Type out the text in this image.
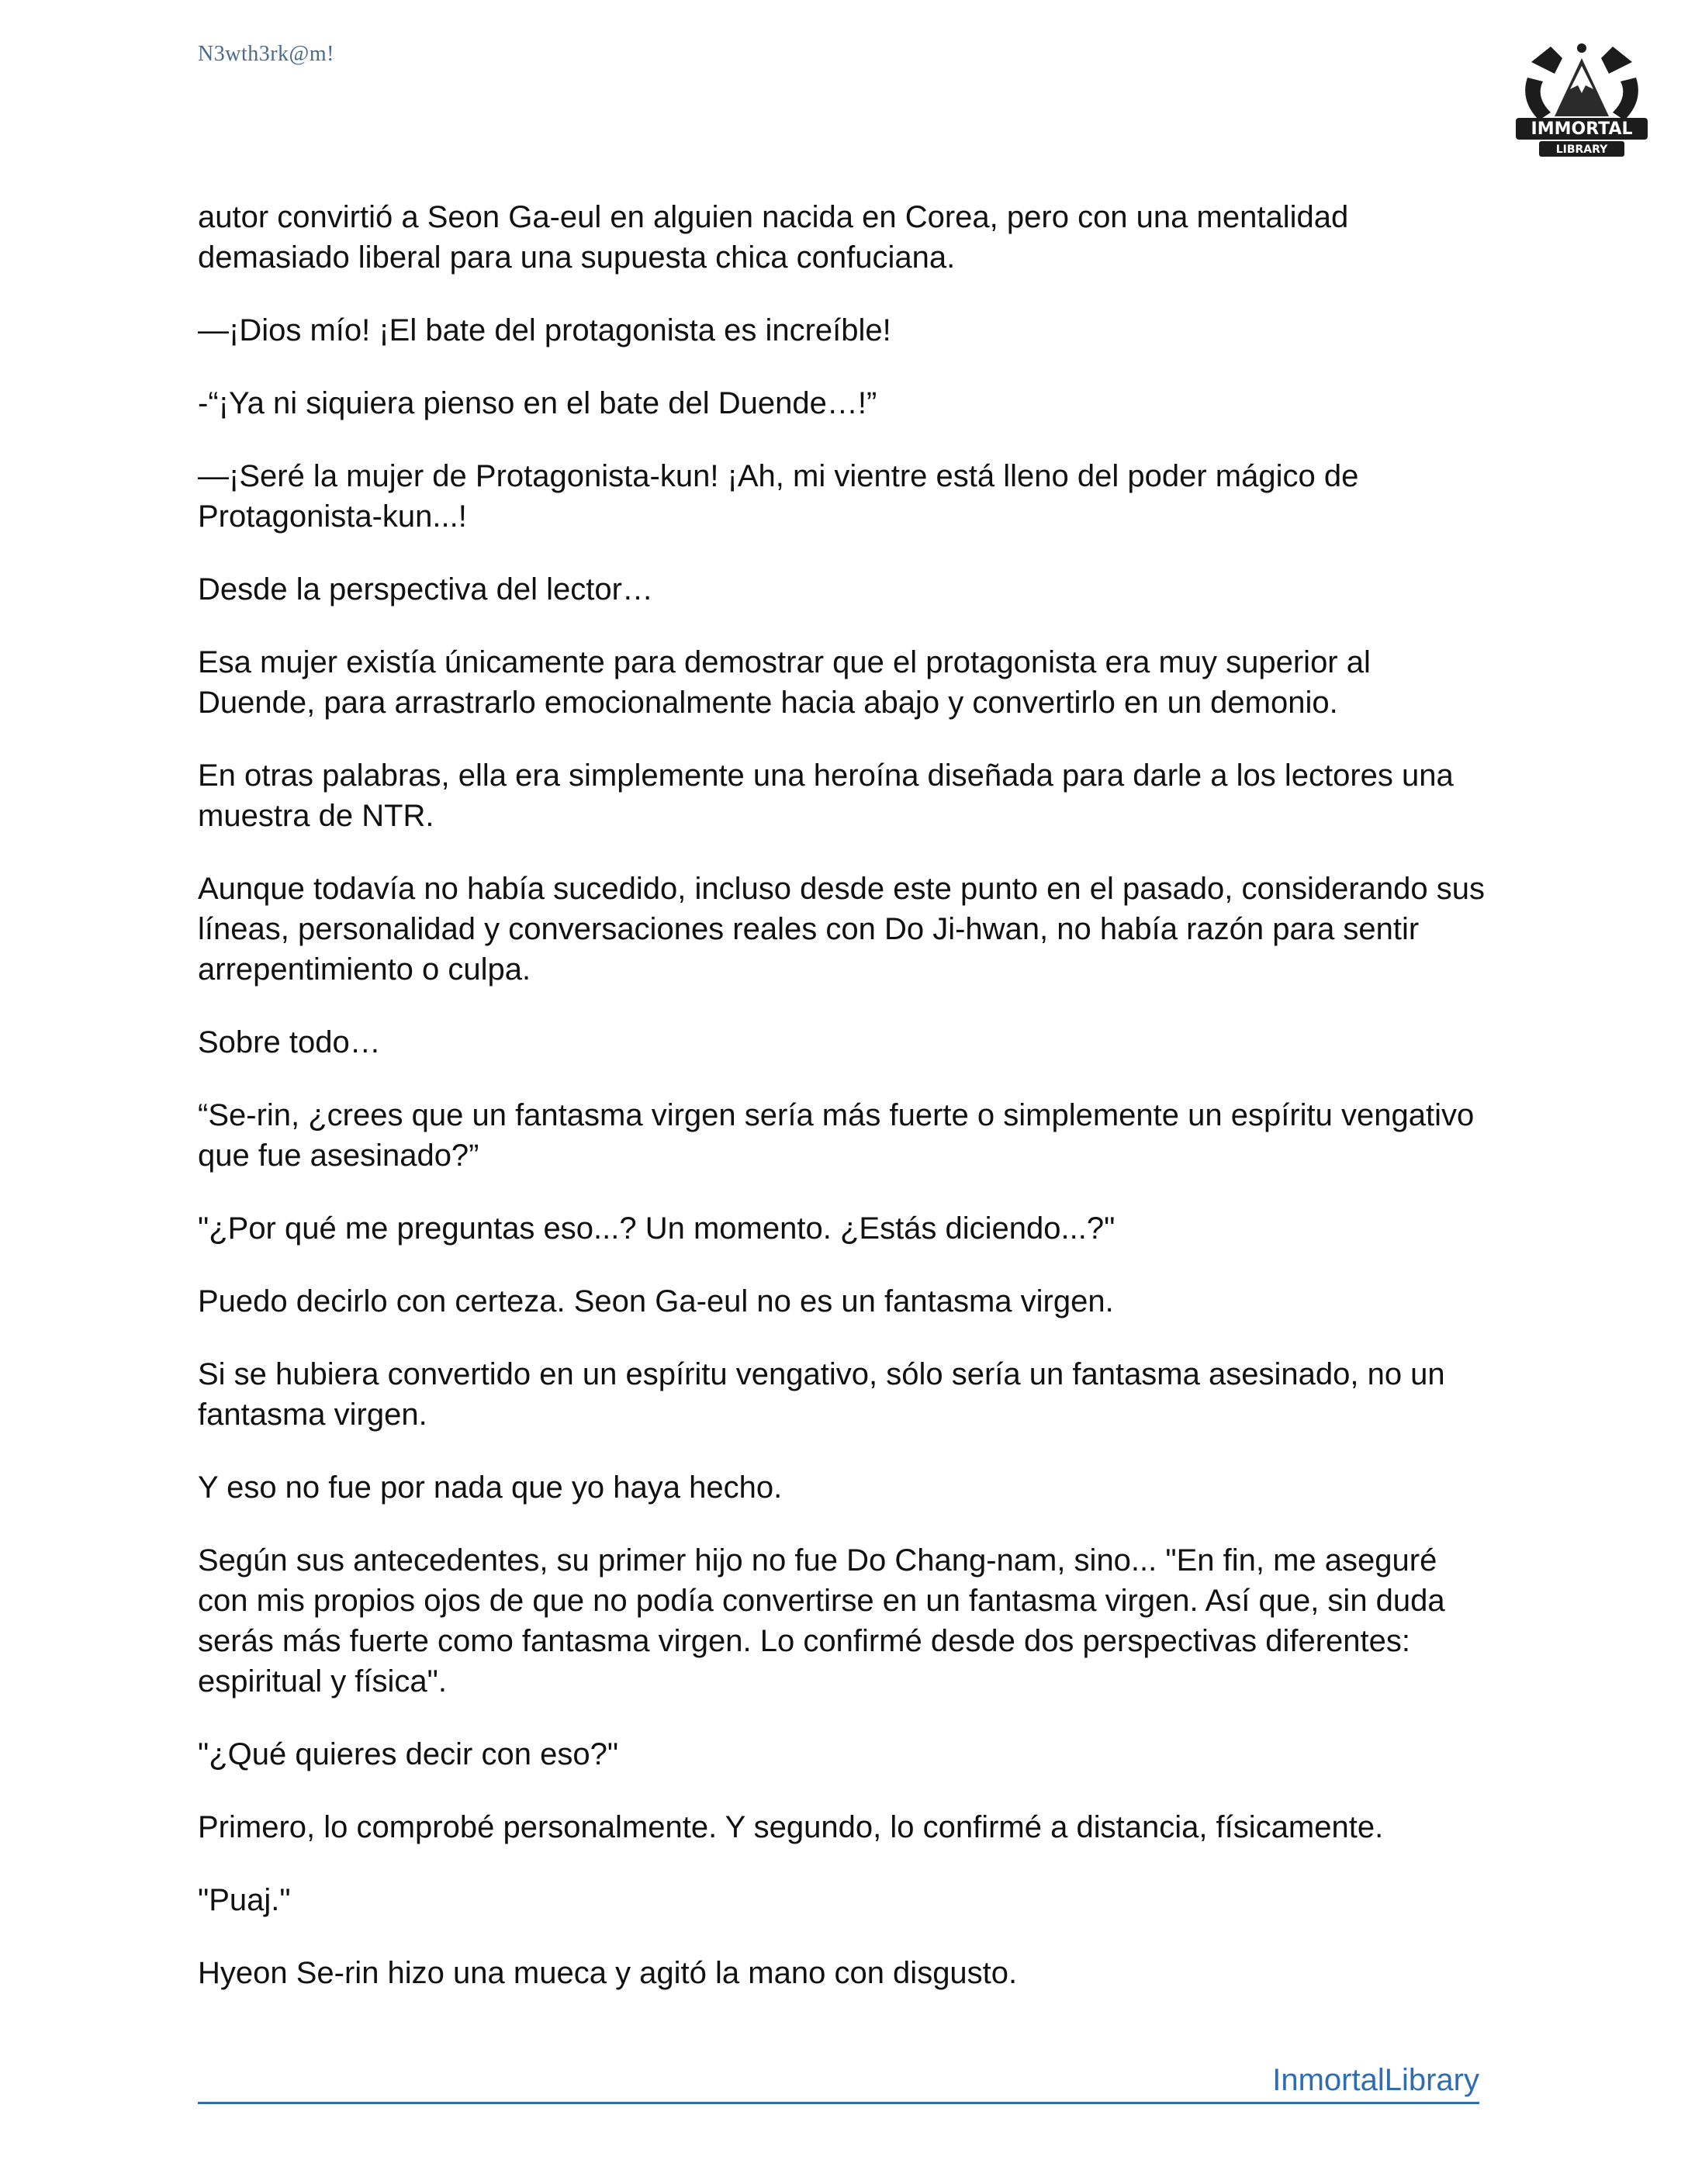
N3wth3rk@m!
IMMORTAL
LIBRARY

autor convirtió a Seon Ga-eul en alguien nacida en Corea, pero con una mentalidad demasiado liberal para una supuesta chica confuciana.

—¡Dios mío! ¡El bate del protagonista es increíble!

-“¡Ya ni siquiera pienso en el bate del Duende…!”

—¡Seré la mujer de Protagonista-kun! ¡Ah, mi vientre está lleno del poder mágico de Protagonista-kun...!

Desde la perspectiva del lector…

Esa mujer existía únicamente para demostrar que el protagonista era muy superior al Duende, para arrastrarlo emocionalmente hacia abajo y convertirlo en un demonio.

En otras palabras, ella era simplemente una heroína diseñada para darle a los lectores una muestra de NTR.

Aunque todavía no había sucedido, incluso desde este punto en el pasado, considerando sus líneas, personalidad y conversaciones reales con Do Ji-hwan, no había razón para sentir arrepentimiento o culpa.

Sobre todo…

“Se-rin, ¿crees que un fantasma virgen sería más fuerte o simplemente un espíritu vengativo que fue asesinado?”

"¿Por qué me preguntas eso...? Un momento. ¿Estás diciendo...?"

Puedo decirlo con certeza. Seon Ga-eul no es un fantasma virgen.

Si se hubiera convertido en un espíritu vengativo, sólo sería un fantasma asesinado, no un fantasma virgen.

Y eso no fue por nada que yo haya hecho.

Según sus antecedentes, su primer hijo no fue Do Chang-nam, sino... "En fin, me aseguré con mis propios ojos de que no podía convertirse en un fantasma virgen. Así que, sin duda serás más fuerte como fantasma virgen. Lo confirmé desde dos perspectivas diferentes: espiritual y física".

"¿Qué quieres decir con eso?"

Primero, lo comprobé personalmente. Y segundo, lo confirmé a distancia, físicamente.

"Puaj."

Hyeon Se-rin hizo una mueca y agitó la mano con disgusto.

InmortalLibrary
